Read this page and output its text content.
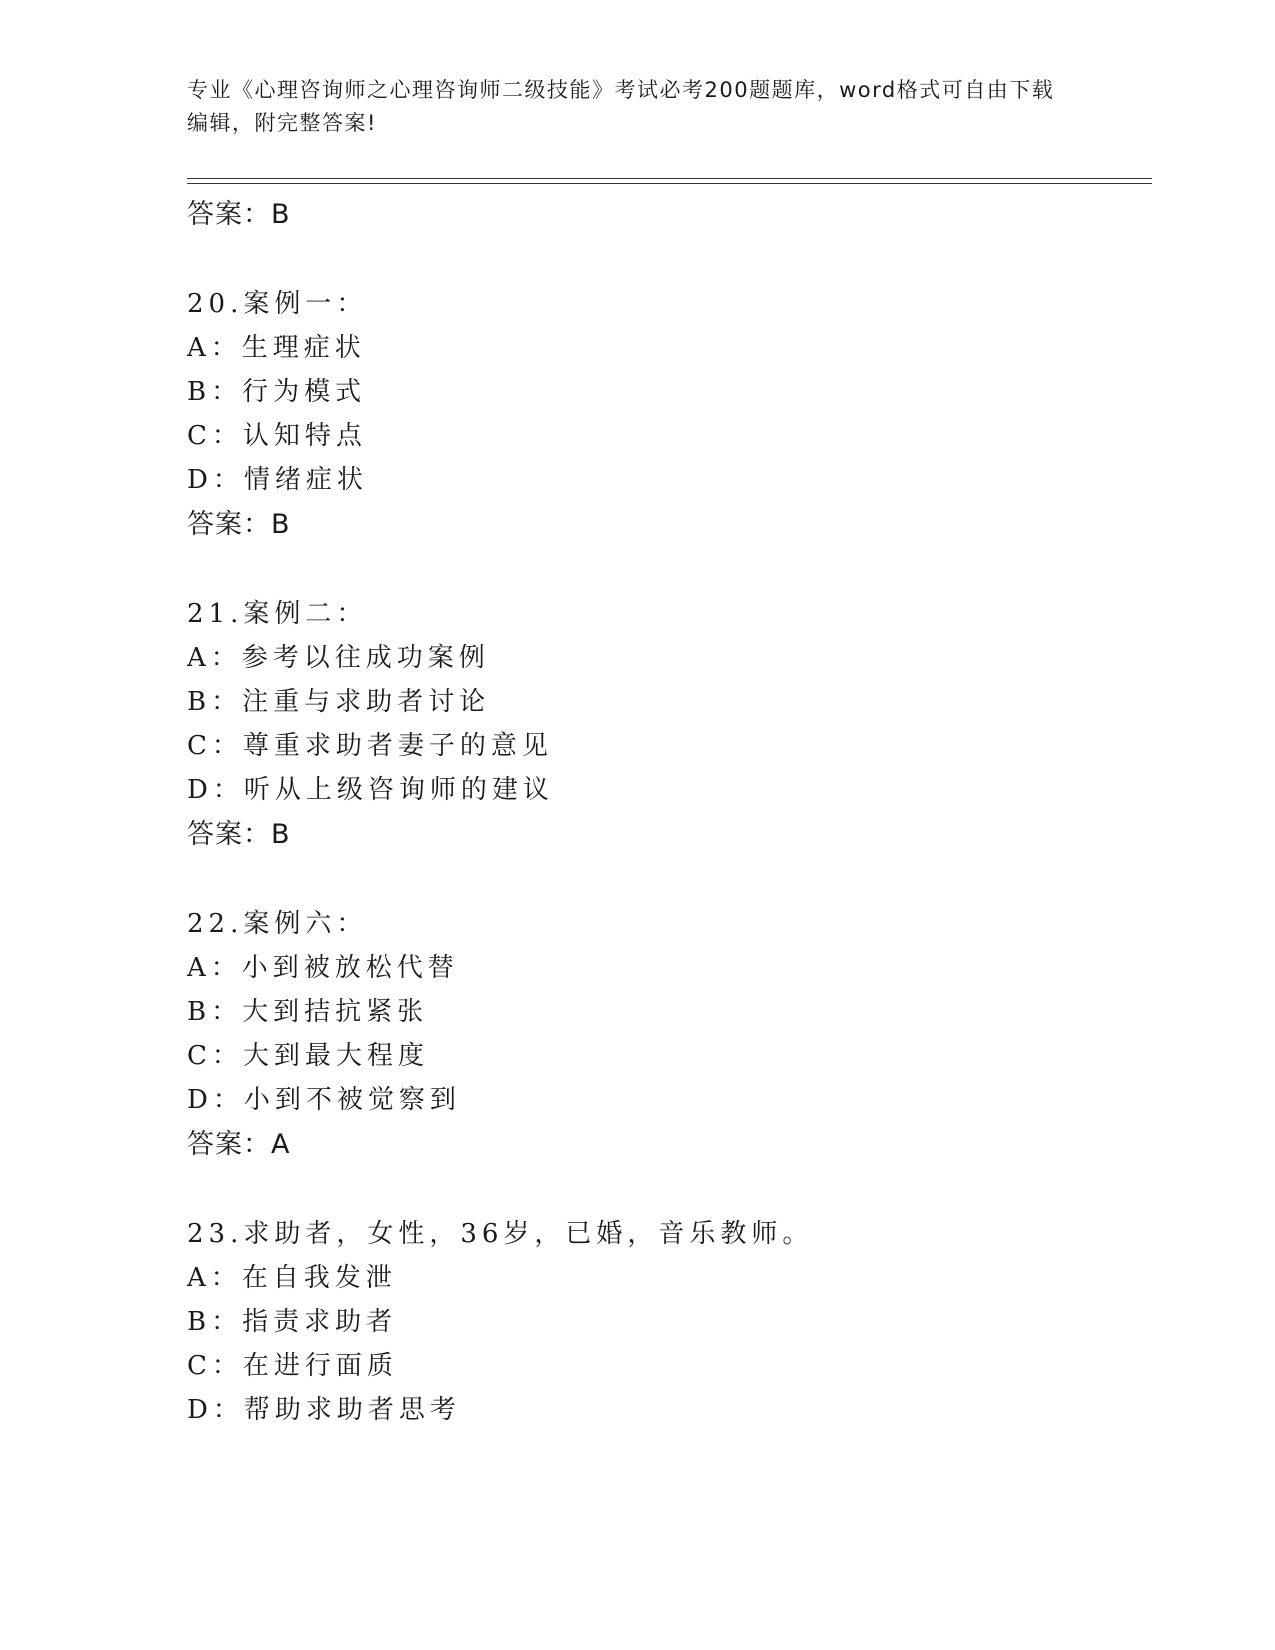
专业《心理咨询师之心理咨询师二级技能》考试必考200题题库，word格式可自由下载编辑，附完整答案!
答案：B
20.案例一：
A：生理症状
B：行为模式
C：认知特点
D：情绪症状
答案：B
21.案例二：
A：参考以往成功案例
B：注重与求助者讨论
C：尊重求助者妻子的意见
D：听从上级咨询师的建议
答案：B
22.案例六：
A：小到被放松代替
B：大到拮抗紧张
C：大到最大程度
D：小到不被觉察到
答案：A
23.求助者，女性，36岁，已婚，音乐教师。
A：在自我发泄
B：指责求助者
C：在进行面质
D：帮助求助者思考
